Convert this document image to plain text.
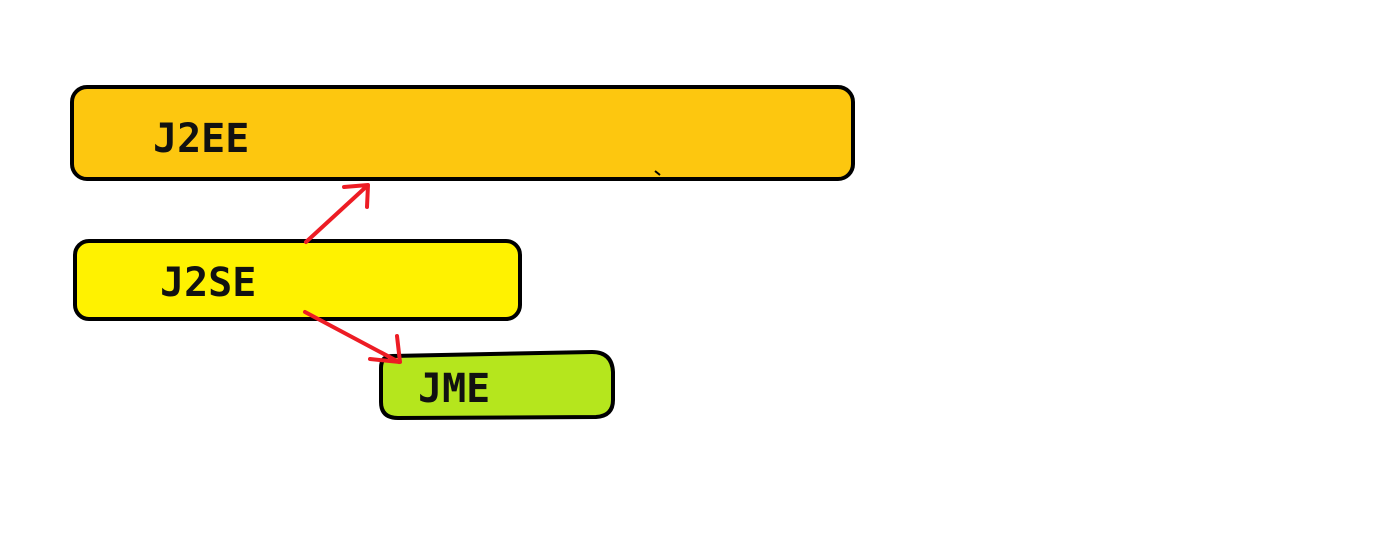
J2EE
J2SE
JME
